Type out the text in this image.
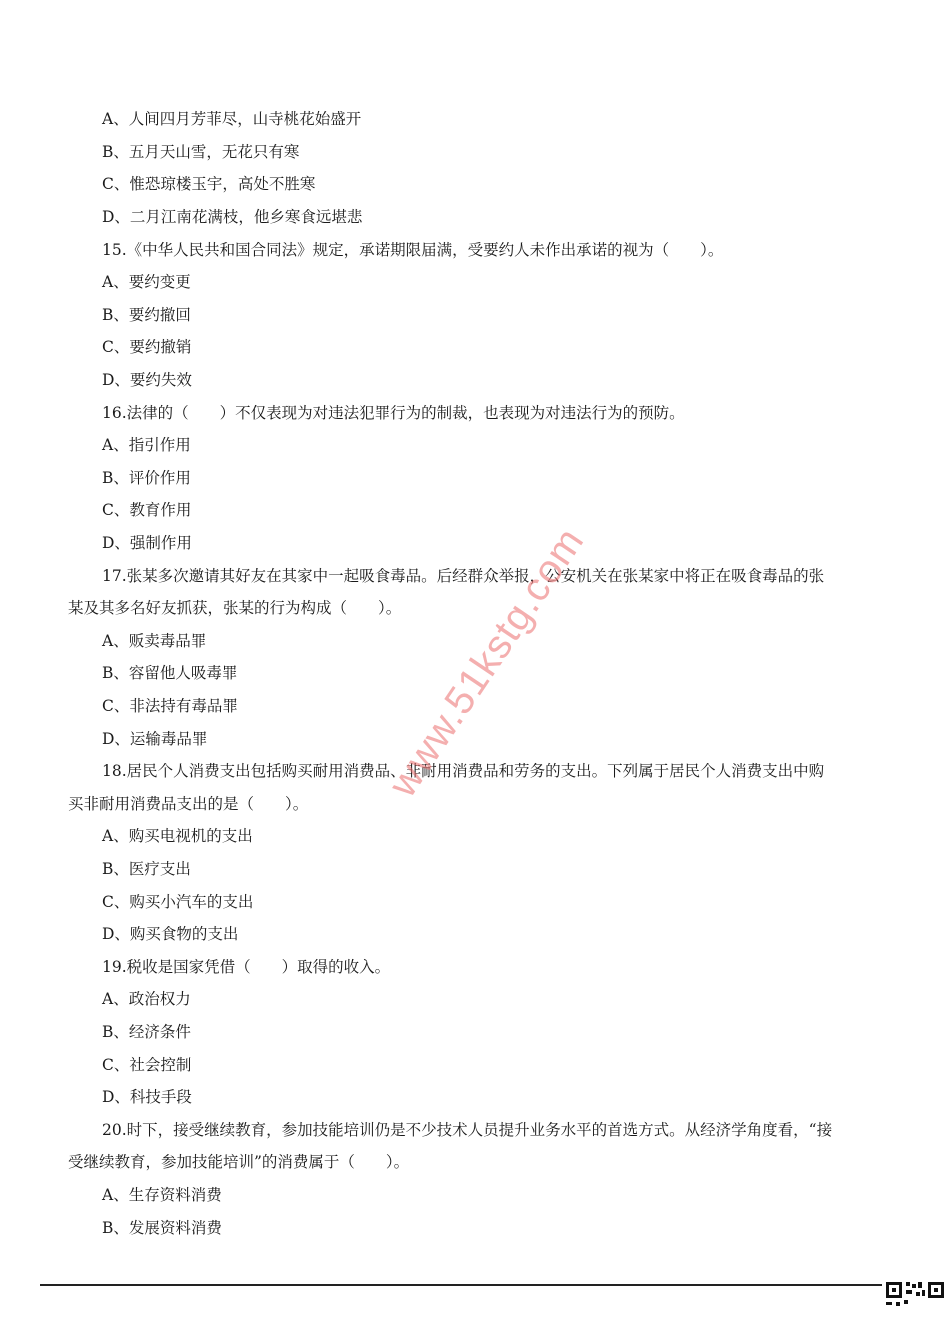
A、人间四月芳菲尽，山寺桃花始盛开
B、五月天山雪，无花只有寒
C、惟恐琼楼玉宇，高处不胜寒
D、二月江南花满枝，他乡寒食远堪悲
15.《中华人民共和国合同法》规定，承诺期限届满，受要约人未作出承诺的视为（　　）。
A、要约变更
B、要约撤回
C、要约撤销
D、要约失效
16.法律的（　　）不仅表现为对违法犯罪行为的制裁，也表现为对违法行为的预防。
A、指引作用
B、评价作用
C、教育作用
D、强制作用
17.张某多次邀请其好友在其家中一起吸食毒品。后经群众举报，公安机关在张某家中将正在吸食毒品的张
某及其多名好友抓获，张某的行为构成（　　）。
A、贩卖毒品罪
B、容留他人吸毒罪
C、非法持有毒品罪
D、运输毒品罪
18.居民个人消费支出包括购买耐用消费品、非耐用消费品和劳务的支出。下列属于居民个人消费支出中购
买非耐用消费品支出的是（　　）。
A、购买电视机的支出
B、医疗支出
C、购买小汽车的支出
D、购买食物的支出
19.税收是国家凭借（　　）取得的收入。
A、政治权力
B、经济条件
C、社会控制
D、科技手段
20.时下，接受继续教育，参加技能培训仍是不少技术人员提升业务水平的首选方式。从经济学角度看，“接
受继续教育，参加技能培训”的消费属于（　　）。
A、生存资料消费
B、发展资料消费
www.51kstg.com
